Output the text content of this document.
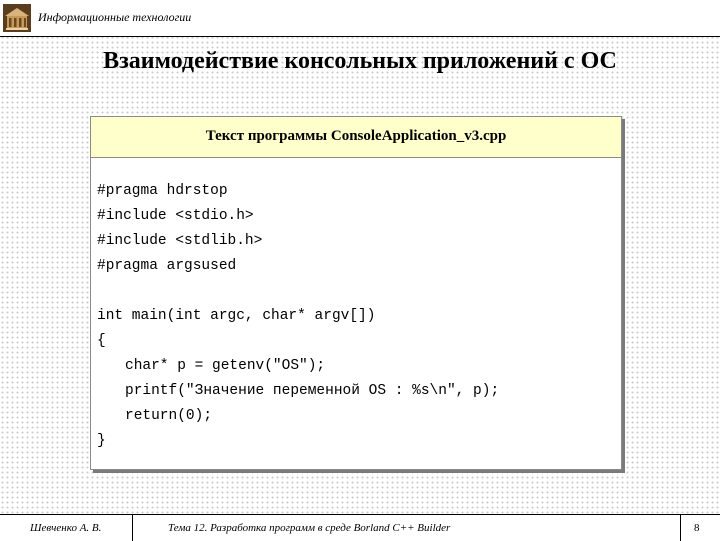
Информационные технологии
Взаимодействие консольных приложений с ОС
Текст программы ConsoleApplication_v3.cpp
#pragma hdrstop
#include <stdio.h>
#include <stdlib.h>
#pragma argsused
int main(int argc, char* argv[])
{
char* p = getenv("OS");
printf("Значение переменной OS : %s\n", p);
return(0);
}
Шевченко А. В.	Тема 12. Разработка программ в среде Borland C++ Builder	8
